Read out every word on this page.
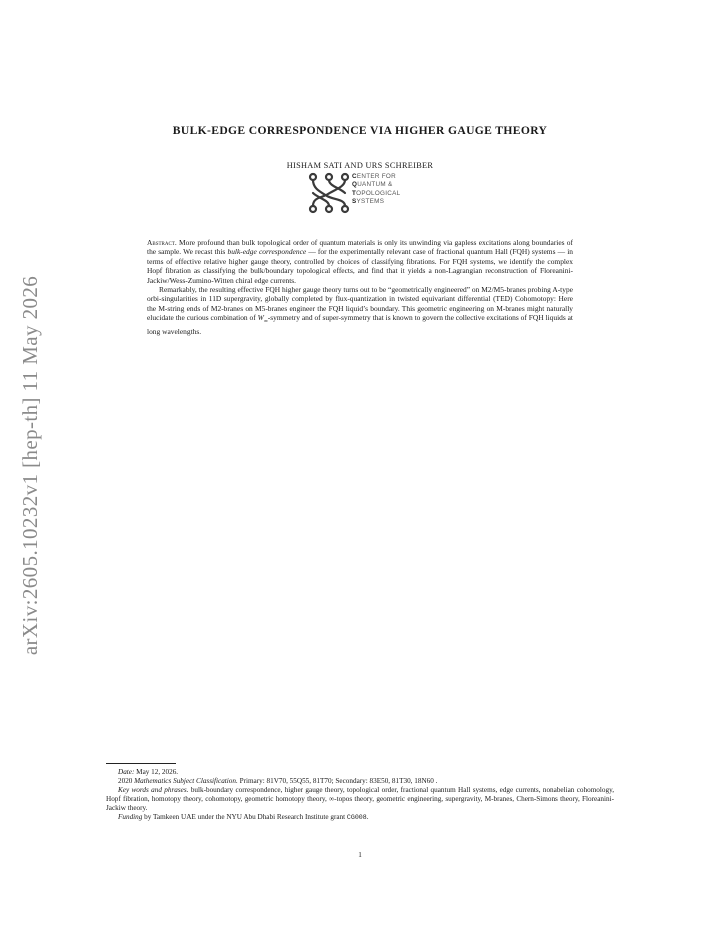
arXiv:2605.10232v1 [hep-th] 11 May 2026
BULK-EDGE CORRESPONDENCE VIA HIGHER GAUGE THEORY
HISHAM SATI AND URS SCHREIBER
CENTER FOR
QUANTUM &
TOPOLOGICAL
SYSTEMS

Abstract. More profound than bulk topological order of quantum materials is only its unwinding via gapless excitations along boundaries of the sample. We recast this bulk-edge correspondence — for the experimentally relevant case of fractional quantum Hall (FQH) systems — in terms of effective relative higher gauge theory, controlled by choices of classifying fibrations. For FQH systems, we identify the complex Hopf fibration as classifying the bulk/boundary topological effects, and find that it yields a non-Lagrangian reconstruction of Floreanini-Jackiw/Wess-Zumino-Witten chiral edge currents.

Remarkably, the resulting effective FQH higher gauge theory turns out to be “geometrically engineered” on M2/M5-branes probing A-type orbi-singularities in 11D supergravity, globally completed by flux-quantization in twisted equivariant differential (TED) Cohomotopy: Here the M-string ends of M2-branes on M5-branes engineer the FQH liquid’s boundary. This geometric engineering on M-branes might naturally elucidate the curious combination of $W_\infty$-symmetry and of super-symmetry that is known to govern the collective excitations of FQH liquids at long wavelengths.

Date: May 12, 2026.

2020 Mathematics Subject Classification. Primary: 81V70, 55Q55, 81T70; Secondary: 83E50, 81T30, 18N60 .

Key words and phrases. bulk-boundary correspondence, higher gauge theory, topological order, fractional quantum Hall systems, edge currents, nonabelian cohomology, Hopf fibration, homotopy theory, cohomotopy, geometric homotopy theory, ∞-topos theory, geometric engineering, supergravity, M-branes, Chern-Simons theory, Floreanini-Jackiw theory.

Funding by Tamkeen UAE under the NYU Abu Dhabi Research Institute grant CG008.

1
